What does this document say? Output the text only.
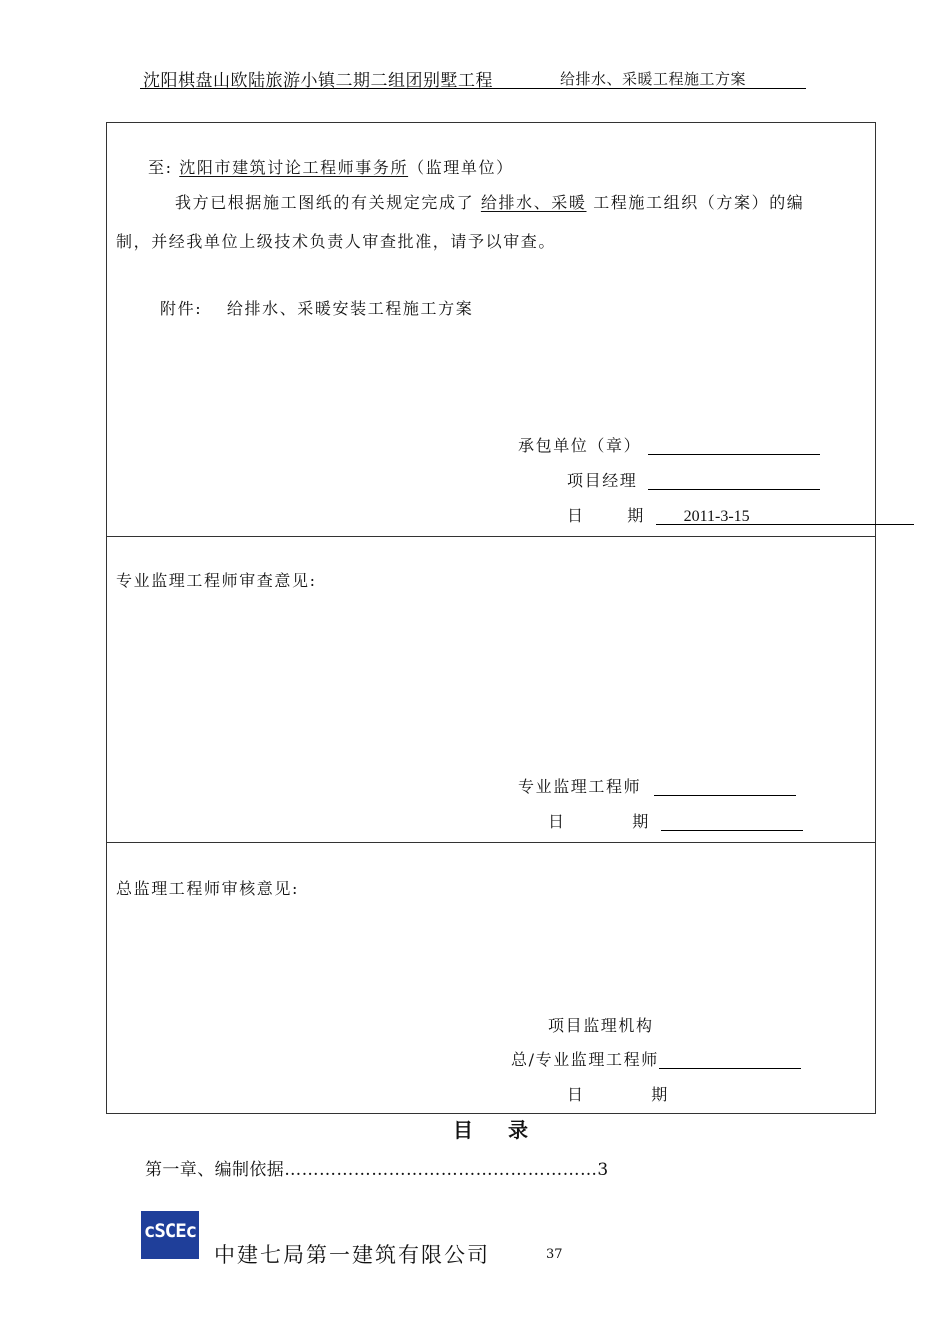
沈阳棋盘山欧陆旅游小镇二期二组团别墅工程	给排水、采暖工程施工方案
至: 沈阳市建筑讨论工程师事务所（监理单位）
我方已根据施工图纸的有关规定完成了 给排水、采暖 工程施工组织（方案）的编
制，并经我单位上级技术负责人审查批准，请予以审查。
附件: 给排水、采暖安装工程施工方案
承包单位（章）
项目经理
日	期 2011-3-15
专业监理工程师审查意见:
专业监理工程师
日	期
总监理工程师审核意见:
项目监理机构
总/专业监理工程师
日	期
目 录
第一章、编制依据………………………………………………3
cSCEc
中建七局第一建筑有限公司	37
